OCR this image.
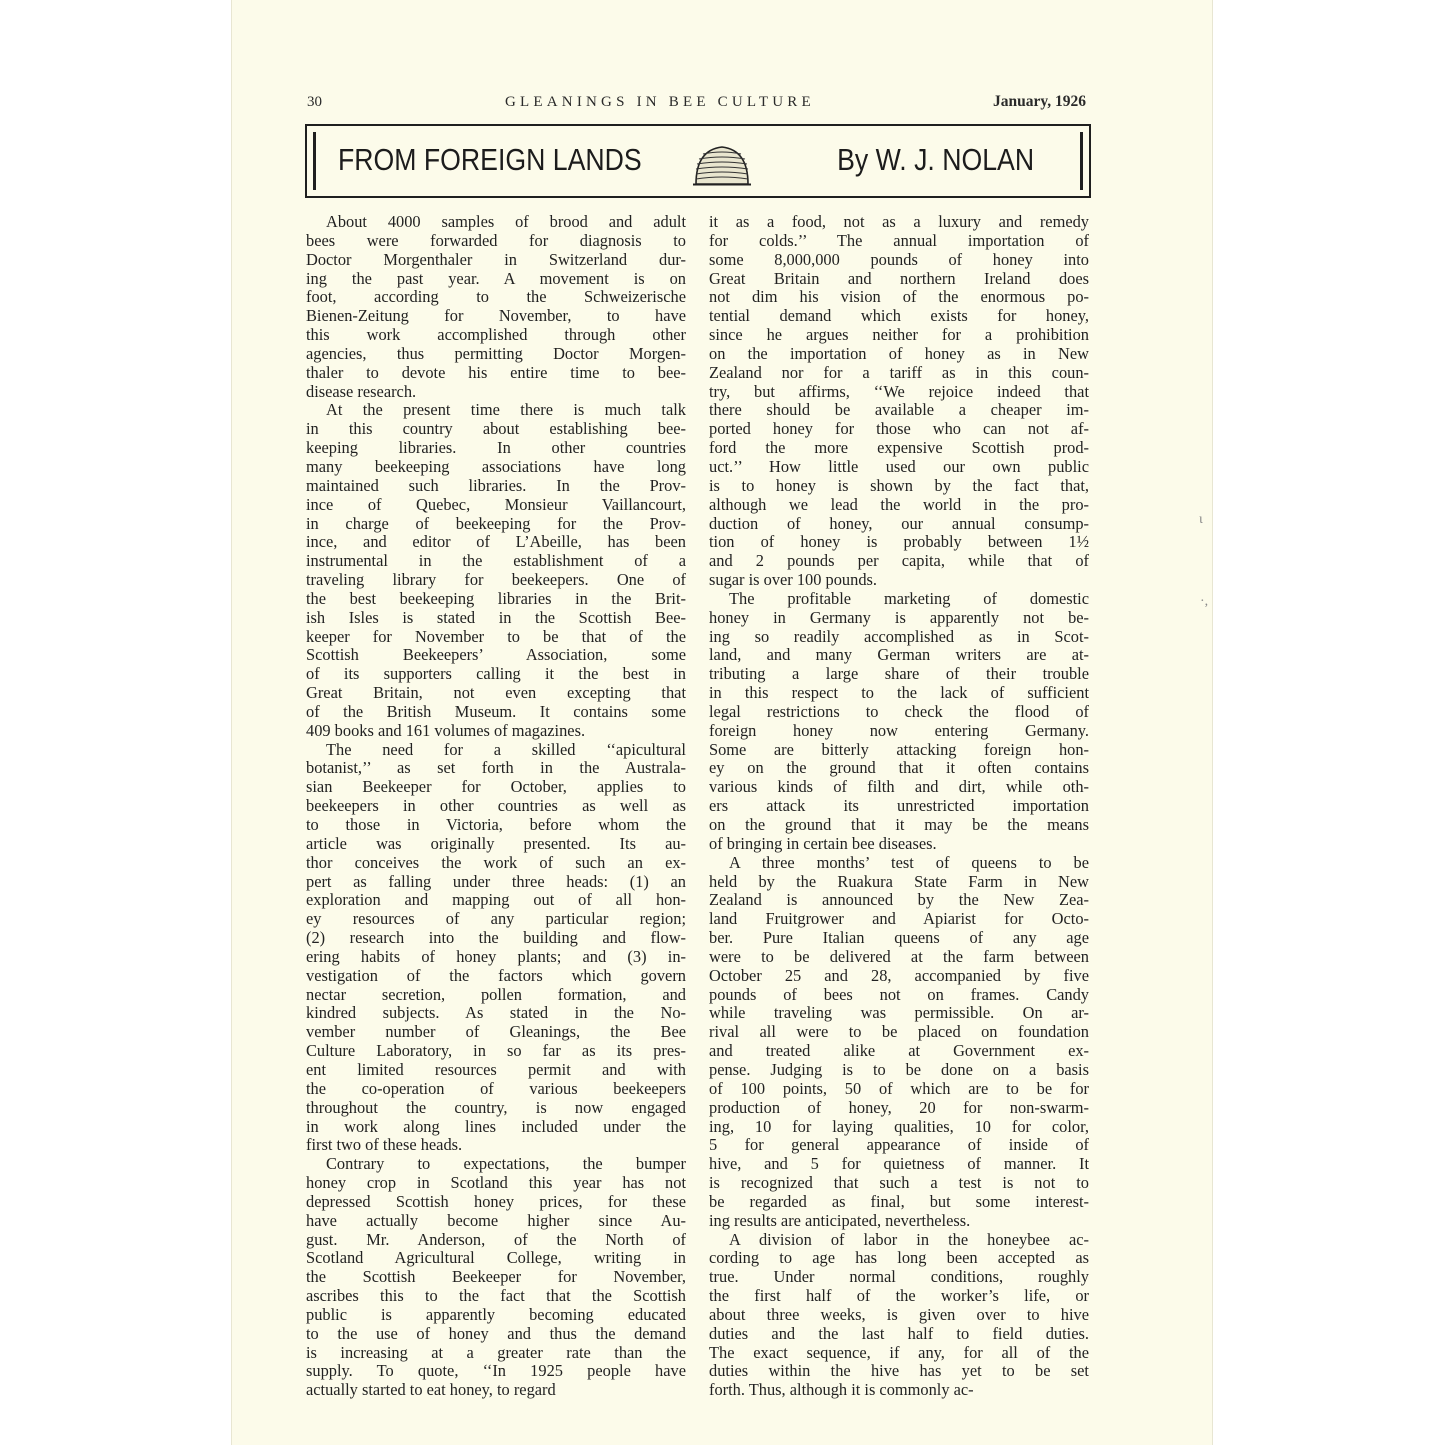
30	GLEANINGS IN BEE CULTURE	January, 1926
FROM FOREIGN LANDS	By W. J. NOLAN

About 4000 samples of brood and adult
bees were forwarded for diagnosis to
Doctor Morgenthaler in Switzerland dur-
ing the past year. A movement is on
foot, according to the Schweizerische
Bienen-Zeitung for November, to have
this work accomplished through other
agencies, thus permitting Doctor Morgen-
thaler to devote his entire time to bee-
disease research.

At the present time there is much talk
in this country about establishing bee-
keeping libraries. In other countries
many beekeeping associations have long
maintained such libraries. In the Prov-
ince of Quebec, Monsieur Vaillancourt,
in charge of beekeeping for the Prov-
ince, and editor of L’Abeille, has been
instrumental in the establishment of a
traveling library for beekeepers. One of
the best beekeeping libraries in the Brit-
ish Isles is stated in the Scottish Bee-
keeper for November to be that of the
Scottish Beekeepers’ Association, some
of its supporters calling it the best in
Great Britain, not even excepting that
of the British Museum. It contains some
409 books and 161 volumes of magazines.

The need for a skilled ‘‘apicultural
botanist,’’ as set forth in the Australa-
sian Beekeeper for October, applies to
beekeepers in other countries as well as
to those in Victoria, before whom the
article was originally presented. Its au-
thor conceives the work of such an ex-
pert as falling under three heads: (1) an
exploration and mapping out of all hon-
ey resources of any particular region;
(2) research into the building and flow-
ering habits of honey plants; and (3) in-
vestigation of the factors which govern
nectar secretion, pollen formation, and
kindred subjects. As stated in the No-
vember number of Gleanings, the Bee
Culture Laboratory, in so far as its pres-
ent limited resources permit and with
the co-operation of various beekeepers
throughout the country, is now engaged
in work along lines included under the
first two of these heads.

Contrary to expectations, the bumper
honey crop in Scotland this year has not
depressed Scottish honey prices, for these
have actually become higher since Au-
gust. Mr. Anderson, of the North of
Scotland Agricultural College, writing in
the Scottish Beekeeper for November,
ascribes this to the fact that the Scottish
public is apparently becoming educated
to the use of honey and thus the demand
is increasing at a greater rate than the
supply. To quote, ‘‘In 1925 people have
actually started to eat honey, to regard

it as a food, not as a luxury and remedy
for colds.’’ The annual importation of
some 8,000,000 pounds of honey into
Great Britain and northern Ireland does
not dim his vision of the enormous po-
tential demand which exists for honey,
since he argues neither for a prohibition
on the importation of honey as in New
Zealand nor for a tariff as in this coun-
try, but affirms, ‘‘We rejoice indeed that
there should be available a cheaper im-
ported honey for those who can not af-
ford the more expensive Scottish prod-
uct.’’ How little used our own public
is to honey is shown by the fact that,
although we lead the world in the pro-
duction of honey, our annual consump-
tion of honey is probably between 1½
and 2 pounds per capita, while that of
sugar is over 100 pounds.

The profitable marketing of domestic
honey in Germany is apparently not be-
ing so readily accomplished as in Scot-
land, and many German writers are at-
tributing a large share of their trouble
in this respect to the lack of sufficient
legal restrictions to check the flood of
foreign honey now entering Germany.
Some are bitterly attacking foreign hon-
ey on the ground that it often contains
various kinds of filth and dirt, while oth-
ers attack its unrestricted importation
on the ground that it may be the means
of bringing in certain bee diseases.

A three months’ test of queens to be
held by the Ruakura State Farm in New
Zealand is announced by the New Zea-
land Fruitgrower and Apiarist for Octo-
ber. Pure Italian queens of any age
were to be delivered at the farm between
October 25 and 28, accompanied by five
pounds of bees not on frames. Candy
while traveling was permissible. On ar-
rival all were to be placed on foundation
and treated alike at Government ex-
pense. Judging is to be done on a basis
of 100 points, 50 of which are to be for
production of honey, 20 for non-swarm-
ing, 10 for laying qualities, 10 for color,
5 for general appearance of inside of
hive, and 5 for quietness of manner. It
is recognized that such a test is not to
be regarded as final, but some interest-
ing results are anticipated, nevertheless.

A division of labor in the honeybee ac-
cording to age has long been accepted as
true. Under normal conditions, roughly
the first half of the worker’s life, or
about three weeks, is given over to hive
duties and the last half to field duties.
The exact sequence, if any, for all of the
duties within the hive has yet to be set
forth. Thus, although it is commonly ac-

ι
·,
